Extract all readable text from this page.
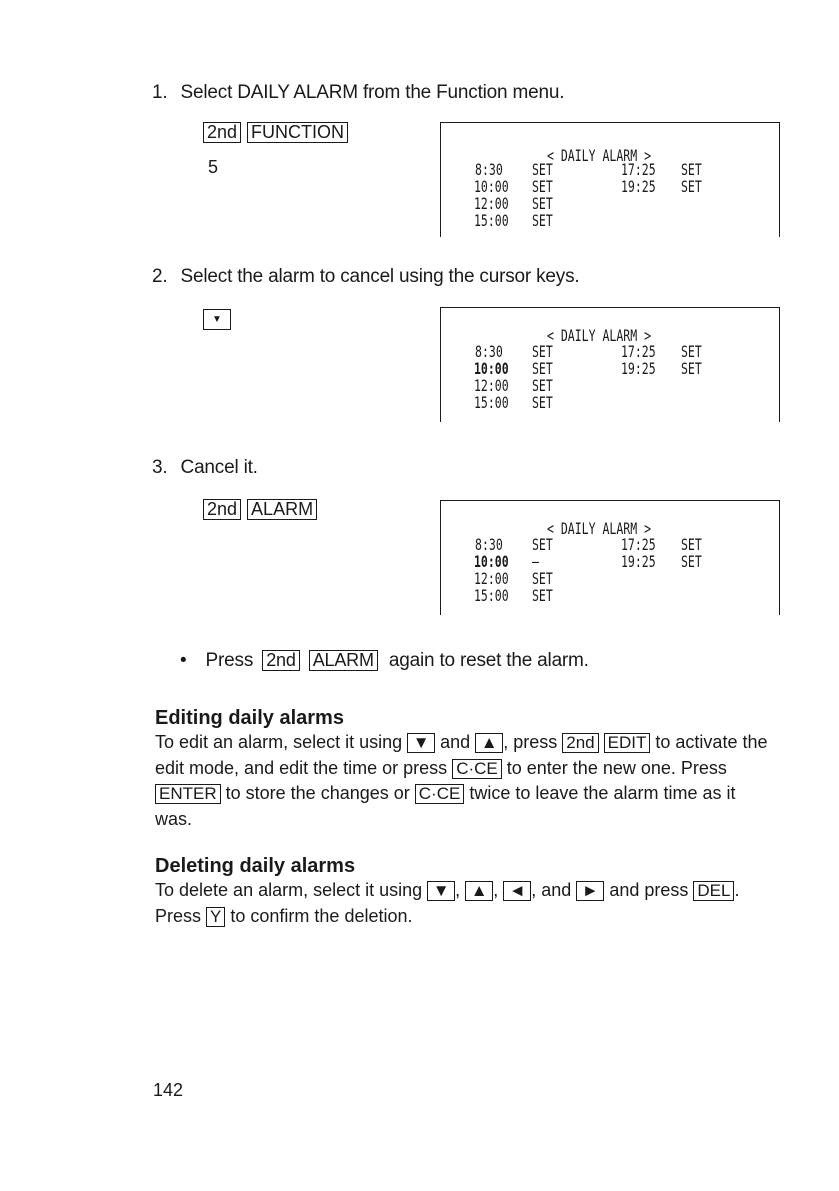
1. Select DAILY ALARM from the Function menu.
2nd FUNCTION
5
< DAILY ALARM >
8:30
10:00
12:00
15:00
SET
SET
SET
SET
17:25
19:25
SET
SET
2. Select the alarm to cancel using the cursor keys.
▼
< DAILY ALARM >
8:30
10:00
12:00
15:00
SET
SET
SET
SET
17:25
19:25
SET
SET
3. Cancel it.
2nd ALARM
< DAILY ALARM >
8:30
10:00
12:00
15:00
SET
—
SET
SET
17:25
19:25
SET
SET
• Press 2nd ALARM again to reset the alarm.
Editing daily alarms
To edit an alarm, select it using ▼ and ▲ , press 2nd EDIT to activate the edit mode, and edit the time or press C·CE to enter the new one. Press ENTER to store the changes or C·CE twice to leave the alarm time as it was.
Deleting daily alarms
To delete an alarm, select it using ▼ , ▲ , ◄ , and ► and press DEL . Press Y to confirm the deletion.
142
